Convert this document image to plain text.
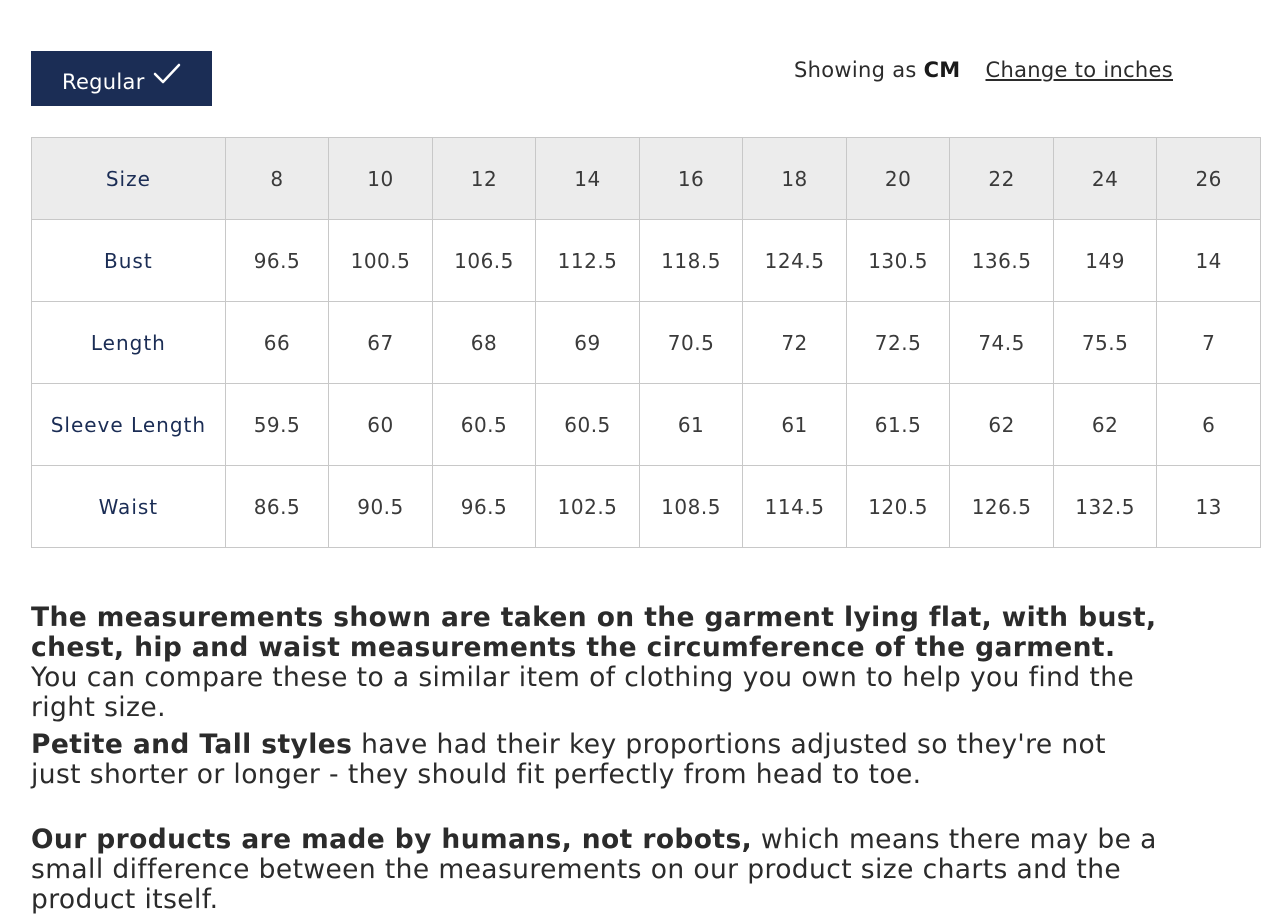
Regular	Showing as CM Change to inches
Size	8	10	12	14	16	18	20	22	24	26
Bust	96.5	100.5	106.5	112.5	118.5	124.5	130.5	136.5	149	14
Length	66	67	68	69	70.5	72	72.5	74.5	75.5	7
Sleeve Length	59.5	60	60.5	60.5	61	61	61.5	62	62	6
Waist	86.5	90.5	96.5	102.5	108.5	114.5	120.5	126.5	132.5	13
The measurements shown are taken on the garment lying flat, with bust, chest, hip and waist measurements the circumference of the garment. You can compare these to a similar item of clothing you own to help you find the right size.
Petite and Tall styles have had their key proportions adjusted so they're not just shorter or longer - they should fit perfectly from head to toe.
Our products are made by humans, not robots, which means there may be a small difference between the measurements on our product size charts and the product itself.
